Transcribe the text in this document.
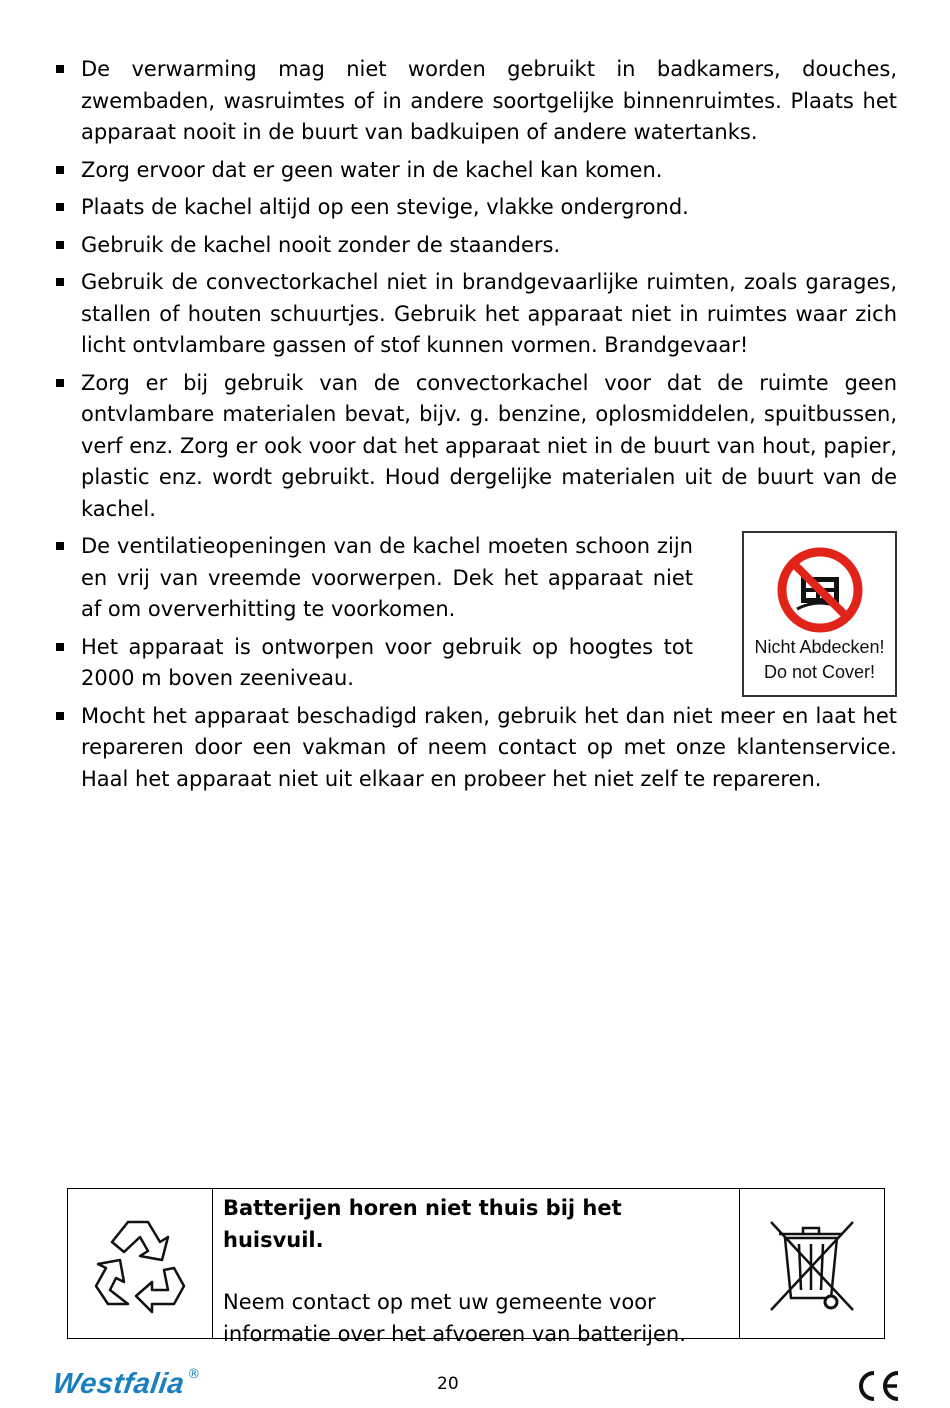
De verwarming mag niet worden gebruikt in badkamers, douches, zwembaden, wasruimtes of in andere soortgelijke binnenruimtes. Plaats het apparaat nooit in de buurt van badkuipen of andere watertanks.
Zorg ervoor dat er geen water in de kachel kan komen.
Plaats de kachel altijd op een stevige, vlakke ondergrond.
Gebruik de kachel nooit zonder de staanders.
Gebruik de convectorkachel niet in brandgevaarlijke ruimten, zoals garages, stallen of houten schuurtjes. Gebruik het apparaat niet in ruimtes waar zich licht ontvlambare gassen of stof kunnen vormen. Brandgevaar!
Zorg er bij gebruik van de convectorkachel voor dat de ruimte geen ontvlambare materialen bevat, bijv. g. benzine, oplosmiddelen, spuitbussen, verf enz. Zorg er ook voor dat het apparaat niet in de buurt van hout, papier, plastic enz. wordt gebruikt. Houd dergelijke materialen uit de buurt van de kachel.
Nicht Abdecken!
Do not Cover!
De ventilatieopeningen van de kachel moeten schoon zijn en vrij van vreemde voorwerpen. Dek het apparaat niet af om oververhitting te voorkomen.
Het apparaat is ontworpen voor gebruik op hoogtes tot 2000 m boven zeeniveau.
Mocht het apparaat beschadigd raken, gebruik het dan niet meer en laat het repareren door een vakman of neem contact op met onze klantenservice. Haal het apparaat niet uit elkaar en probeer het niet zelf te repareren.
Batterijen horen niet thuis bij het huisvuil.
Neem contact op met uw gemeente voor informatie over het afvoeren van batterijen.
Westfalia ®	20
